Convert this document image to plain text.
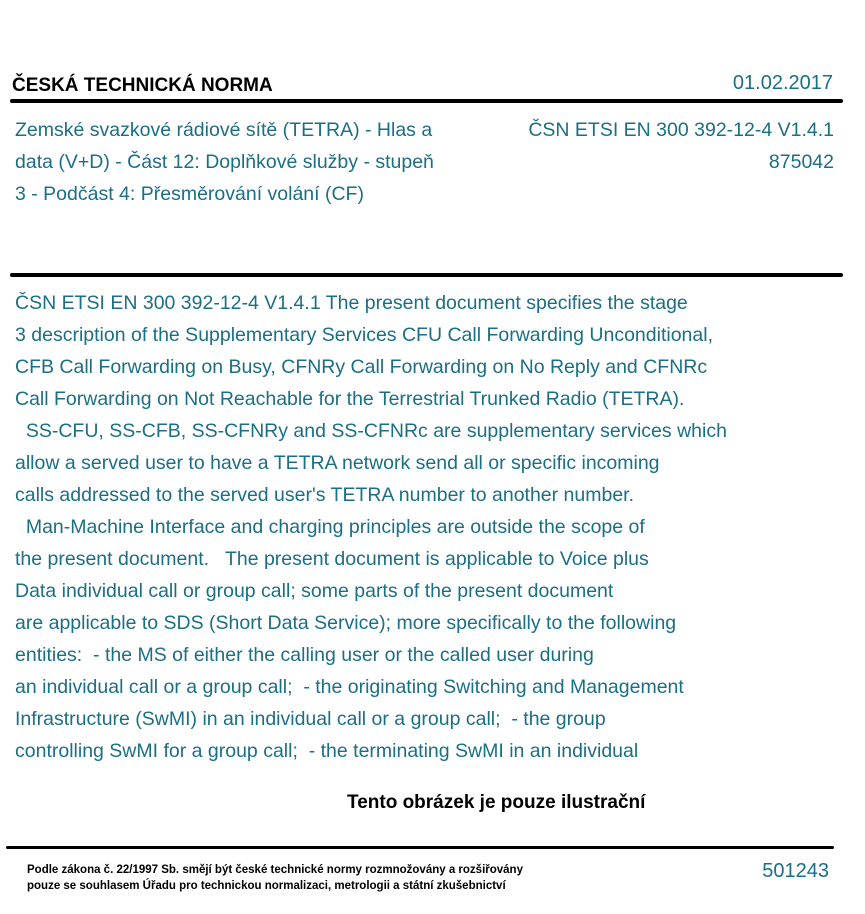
ČESKÁ TECHNICKÁ NORMA	01.02.2017
Zemské svazkové rádiové sítě (TETRA) - Hlas a
data (V+D) - Část 12: Doplňkové služby - stupeň
3 - Podčást 4: Přesměrování volání (CF)
ČSN ETSI EN 300 392-12-4 V1.4.1
875042
ČSN ETSI EN 300 392-12-4 V1.4.1 The present document specifies the stage
3 description of the Supplementary Services CFU Call Forwarding Unconditional,
CFB Call Forwarding on Busy, CFNRy Call Forwarding on No Reply and CFNRc
Call Forwarding on Not Reachable for the Terrestrial Trunked Radio (TETRA).
SS-CFU, SS-CFB, SS-CFNRy and SS-CFNRc are supplementary services which
allow a served user to have a TETRA network send all or specific incoming
calls addressed to the served user's TETRA number to another number.
Man-Machine Interface and charging principles are outside the scope of
the present document.   The present document is applicable to Voice plus
Data individual call or group call; some parts of the present document
are applicable to SDS (Short Data Service); more specifically to the following
entities:  - the MS of either the calling user or the called user during
an individual call or a group call;  - the originating Switching and Management
Infrastructure (SwMI) in an individual call or a group call;  - the group
controlling SwMI for a group call;  - the terminating SwMI in an individual
Tento obrázek je pouze ilustrační
Podle zákona č. 22/1997 Sb. smějí být české technické normy rozmnožovány a rozšiřovány
pouze se souhlasem Úřadu pro technickou normalizaci, metrologii a státní zkušebnictví
501243
